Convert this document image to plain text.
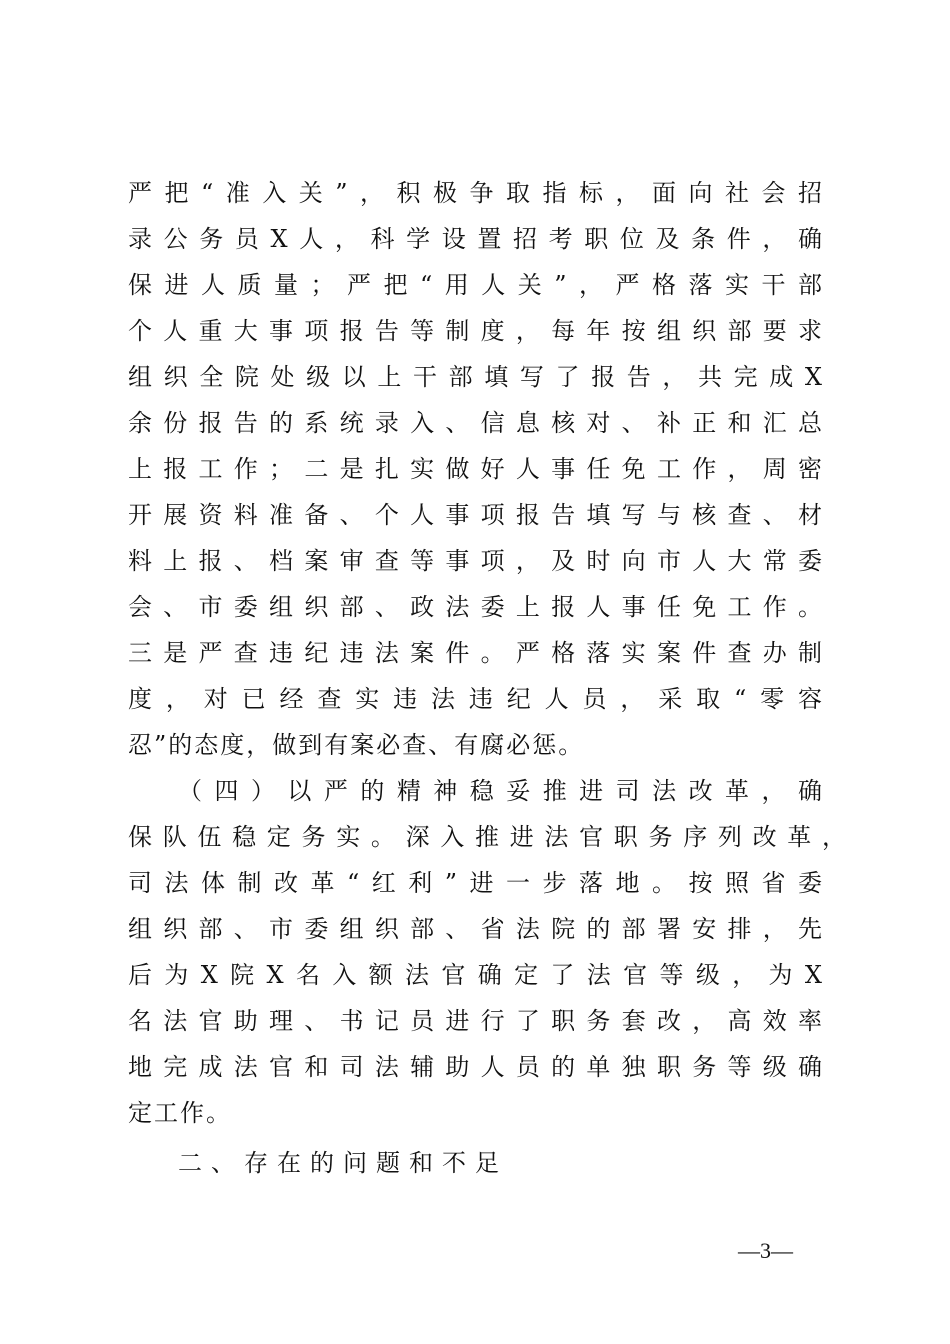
严把“准入关”，积极争取指标，面向社会招
录公务员X人，科学设置招考职位及条件，确
保进人质量；严把“用人关”，严格落实干部
个人重大事项报告等制度，每年按组织部要求
组织全院处级以上干部填写了报告，共完成X
余份报告的系统录入、信息核对、补正和汇总
上报工作；二是扎实做好人事任免工作，周密
开展资料准备、个人事项报告填写与核查、材
料上报、档案审查等事项，及时向市人大常委
会、市委组织部、政法委上报人事任免工作。
三是严查违纪违法案件。严格落实案件查办制
度，对已经查实违法违纪人员，采取“零容
忍”的态度，做到有案必查、有腐必惩。
（四）以严的精神稳妥推进司法改革，确
保队伍稳定务实。深入推进法官职务序列改革，
司法体制改革“红利”进一步落地。按照省委
组织部、市委组织部、省法院的部署安排，先
后为X院X名入额法官确定了法官等级，为X
名法官助理、书记员进行了职务套改，高效率
地完成法官和司法辅助人员的单独职务等级确
定工作。
二、存在的问题和不足
—3—
